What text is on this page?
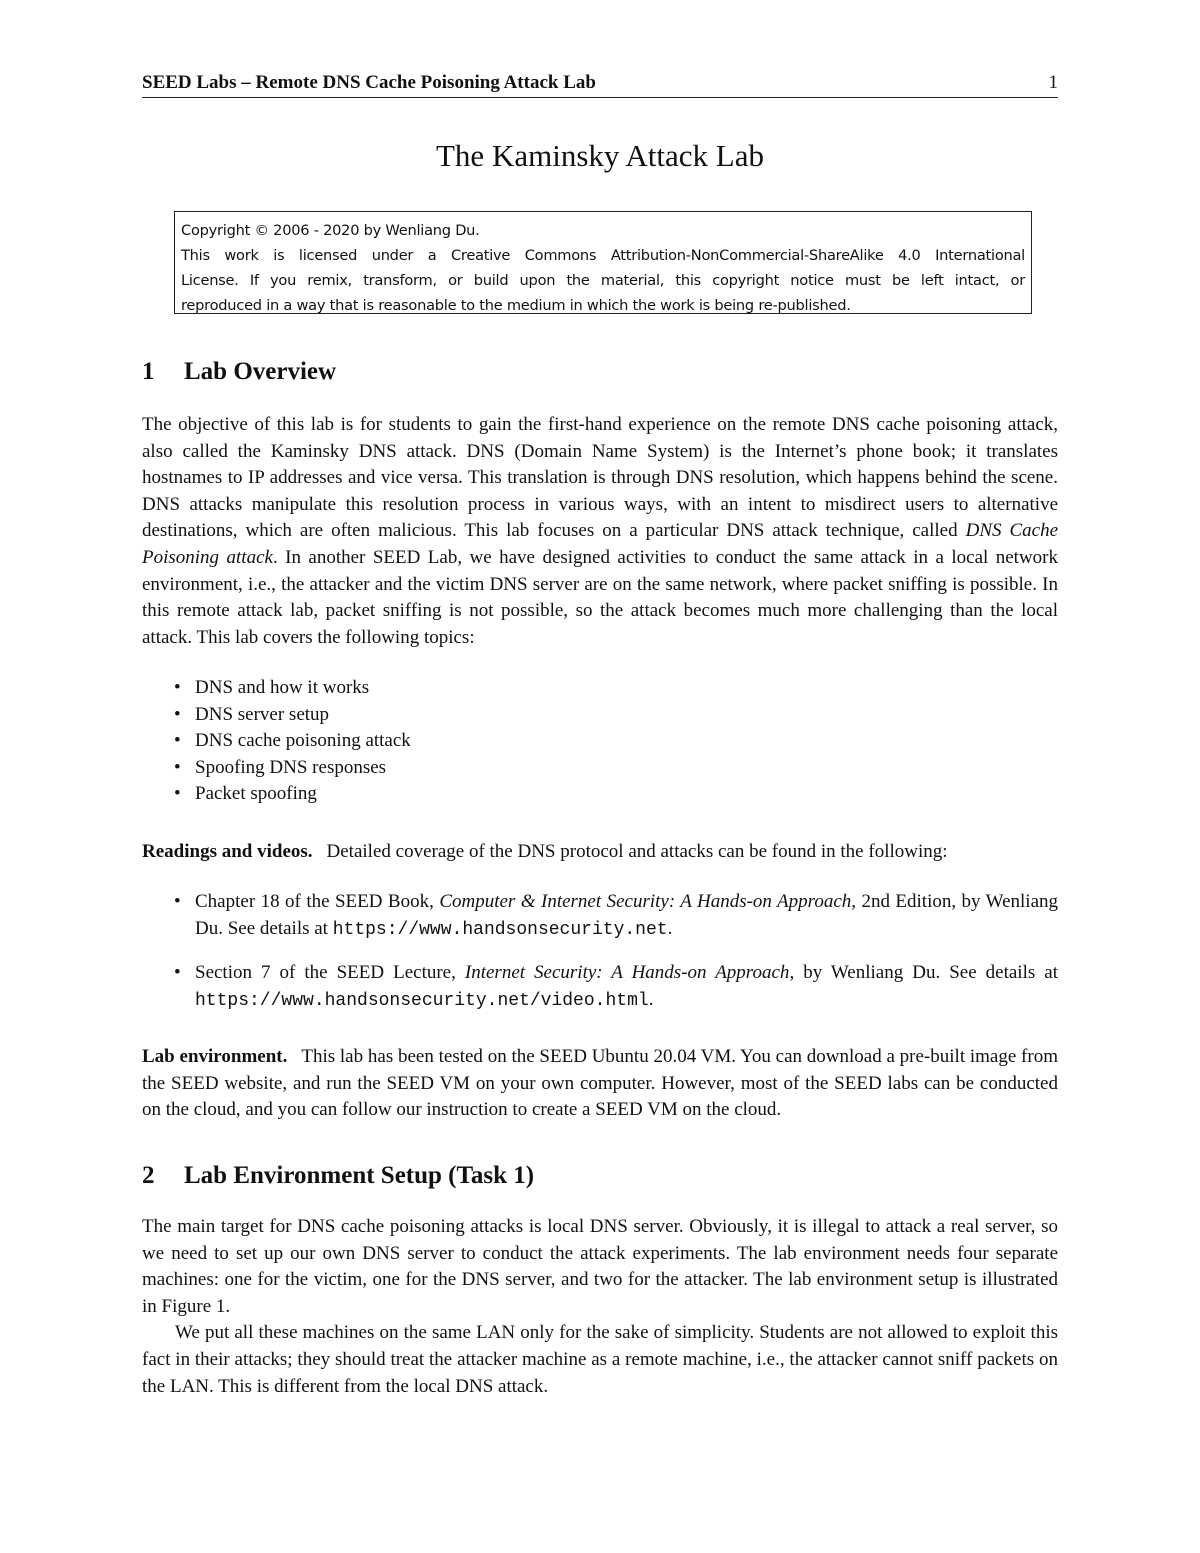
SEED Labs – Remote DNS Cache Poisoning Attack Lab	1
The Kaminsky Attack Lab
Copyright © 2006 - 2020 by Wenliang Du.
This work is licensed under a Creative Commons Attribution-NonCommercial-ShareAlike 4.0 International
License. If you remix, transform, or build upon the material, this copyright notice must be left intact, or
reproduced in a way that is reasonable to the medium in which the work is being re-published.
1 Lab Overview

The objective of this lab is for students to gain the first-hand experience on the remote DNS cache poisoning attack, also called the Kaminsky DNS attack. DNS (Domain Name System) is the Internet’s phone book; it translates hostnames to IP addresses and vice versa. This translation is through DNS resolution, which happens behind the scene. DNS attacks manipulate this resolution process in various ways, with an intent to misdirect users to alternative destinations, which are often malicious. This lab focuses on a particular DNS attack technique, called DNS Cache Poisoning attack. In another SEED Lab, we have designed activities to conduct the same attack in a local network environment, i.e., the attacker and the victim DNS server are on the same network, where packet sniffing is possible. In this remote attack lab, packet sniffing is not possible, so the attack becomes much more challenging than the local attack. This lab covers the following topics:

• DNS and how it works
• DNS server setup
• DNS cache poisoning attack
• Spoofing DNS responses
• Packet spoofing

Readings and videos. Detailed coverage of the DNS protocol and attacks can be found in the following:

• Chapter 18 of the SEED Book, Computer & Internet Security: A Hands-on Approach, 2nd Edition, by Wenliang Du. See details at https://www.handsonsecurity.net.
• Section 7 of the SEED Lecture, Internet Security: A Hands-on Approach, by Wenliang Du. See details at https://www.handsonsecurity.net/video.html.

Lab environment. This lab has been tested on the SEED Ubuntu 20.04 VM. You can download a pre-built image from the SEED website, and run the SEED VM on your own computer. However, most of the SEED labs can be conducted on the cloud, and you can follow our instruction to create a SEED VM on the cloud.

2 Lab Environment Setup (Task 1)

The main target for DNS cache poisoning attacks is local DNS server. Obviously, it is illegal to attack a real server, so we need to set up our own DNS server to conduct the attack experiments. The lab environment needs four separate machines: one for the victim, one for the DNS server, and two for the attacker. The lab environment setup is illustrated in Figure 1.

We put all these machines on the same LAN only for the sake of simplicity. Students are not allowed to exploit this fact in their attacks; they should treat the attacker machine as a remote machine, i.e., the attacker cannot sniff packets on the LAN. This is different from the local DNS attack.
